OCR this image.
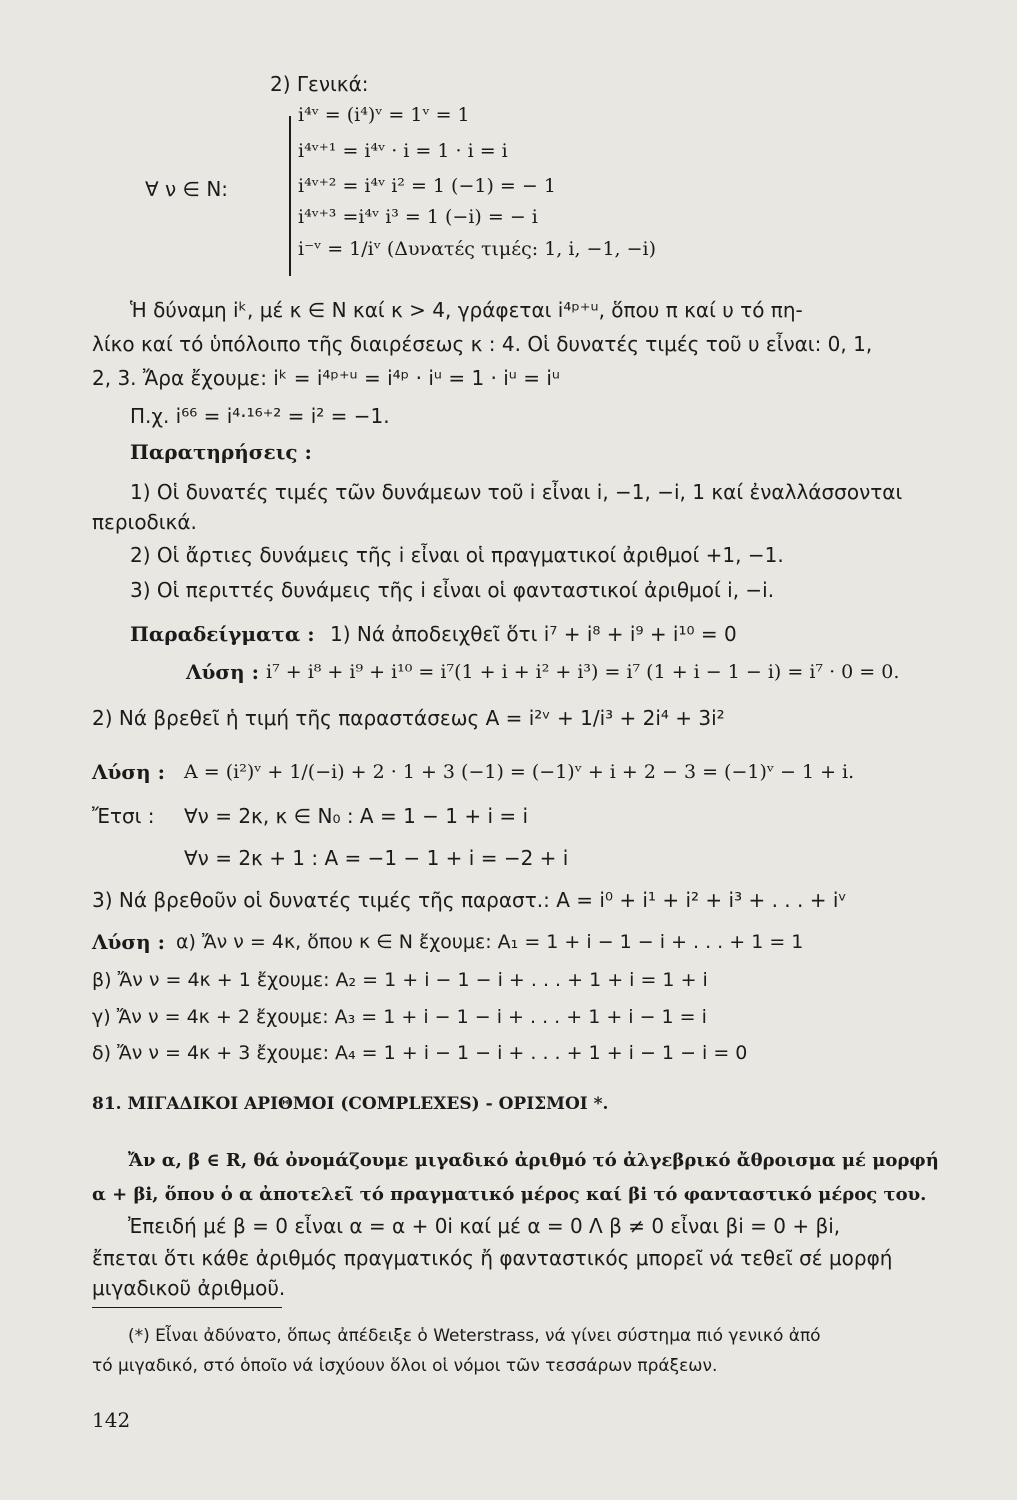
2) Γενικά:
∀ ν ∈ Ν:
i⁴ᵛ = (i⁴)ᵛ = 1ᵛ = 1
i⁴ᵛ⁺¹ = i⁴ᵛ · i = 1 · i = i
i⁴ᵛ⁺² = i⁴ᵛ i² = 1 (−1) = − 1
i⁴ᵛ⁺³ =i⁴ᵛ i³ = 1 (−i) = − i
i⁻ᵛ = 1/iᵛ (Δυνατές τιμές: 1, i, −1, −i)
Ἡ δύναμη iᵏ, μέ κ ∈ Ν καί κ > 4, γράφεται i⁴ᵖ⁺ᵘ, ὅπου π καί υ τό πη-
λίκο καί τό ὑπόλοιπο τῆς διαιρέσεως κ : 4. Οἱ δυνατές τιμές τοῦ υ εἶναι: 0, 1,
2, 3. Ἄρα ἔχουμε: iᵏ = i⁴ᵖ⁺ᵘ = i⁴ᵖ · iᵘ = 1 · iᵘ = iᵘ
Π.χ. i⁶⁶ = i⁴·¹⁶⁺² = i² = −1.
Παρατηρήσεις :
1) Οἱ δυνατές τιμές τῶν δυνάμεων τοῦ i εἶναι i, −1, −i, 1 καί ἐναλλάσσονται
περιοδικά.
2) Οἱ ἄρτιες δυνάμεις τῆς i εἶναι οἱ πραγματικοί ἀριθμοί +1, −1.
3) Οἱ περιττές δυνάμεις τῆς i εἶναι οἱ φανταστικοί ἀριθμοί i, −i.
Παραδείγματα : 1) Νά ἀποδειχθεῖ ὅτι i⁷ + i⁸ + i⁹ + i¹⁰ = 0
Λύση : i⁷ + i⁸ + i⁹ + i¹⁰ = i⁷(1 + i + i² + i³) = i⁷ (1 + i − 1 − i) = i⁷ · 0 = 0.
2) Νά βρεθεῖ ἡ τιμή τῆς παραστάσεως Α = i²ᵛ + 1/i³ + 2i⁴ + 3i²
Λύση : Α = (i²)ᵛ + 1/(−i) + 2 · 1 + 3 (−1) = (−1)ᵛ + i + 2 − 3 = (−1)ᵛ − 1 + i.
Ἔτσι : ∀ν = 2κ, κ ∈ Ν₀ : Α = 1 − 1 + i = i
∀ν = 2κ + 1 : Α = −1 − 1 + i = −2 + i
3) Νά βρεθοῦν οἱ δυνατές τιμές τῆς παραστ.: Α = i⁰ + i¹ + i² + i³ + . . . + iᵛ
Λύση : α) Ἄν ν = 4κ, ὅπου κ ∈ Ν ἔχουμε: Α₁ = 1 + i − 1 − i + . . . + 1 = 1
β) Ἄν ν = 4κ + 1 ἔχουμε: Α₂ = 1 + i − 1 − i + . . . + 1 + i = 1 + i
γ) Ἄν ν = 4κ + 2 ἔχουμε: Α₃ = 1 + i − 1 − i + . . . + 1 + i − 1 = i
δ) Ἄν ν = 4κ + 3 ἔχουμε: Α₄ = 1 + i − 1 − i + . . . + 1 + i − 1 − i = 0
81. ΜΙΓΑΔΙΚΟΙ ΑΡΙΘΜΟΙ (COMPLEXES) - ΟΡΙΣΜΟΙ *.
Ἄν α, β ∈ R, θά ὀνομάζουμε μιγαδικό ἀριθμό τό ἀλγεβρικό ἄθροισμα μέ μορφή
α + βi, ὅπου ὁ α ἀποτελεῖ τό πραγματικό μέρος καί βi τό φανταστικό μέρος του.
Ἐπειδή μέ β = 0 εἶναι α = α + 0i καί μέ α = 0 Λ β ≠ 0 εἶναι βi = 0 + βi,
ἔπεται ὅτι κάθε ἀριθμός πραγματικός ἤ φανταστικός μπορεῖ νά τεθεῖ σέ μορφή
μιγαδικοῦ ἀριθμοῦ.
(*) Εἶναι ἀδύνατο, ὅπως ἀπέδειξε ὁ Weterstrass, νά γίνει σύστημα πιό γενικό ἀπό
τό μιγαδικό, στό ὁποῖο νά ἰσχύουν ὅλοι οἱ νόμοι τῶν τεσσάρων πράξεων.
142
